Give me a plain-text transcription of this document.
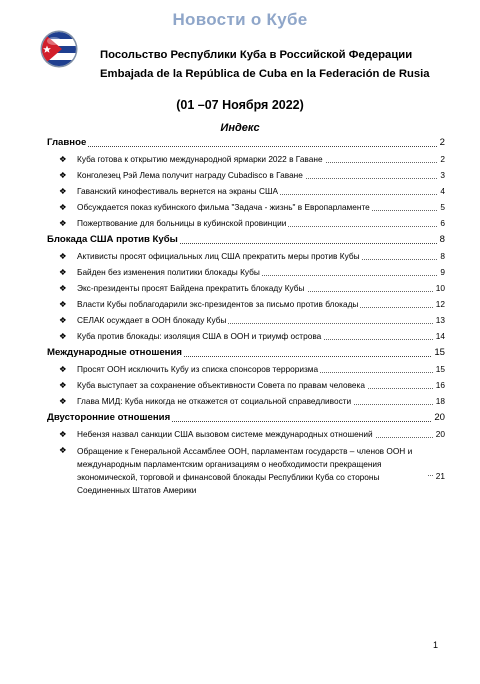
Новости о Кубе
Посольство Республики Куба в Российской Федерации
Embajada de la República de Cuba en la Federación de Rusia
(01 –07 Ноября 2022)
Индекс
Главное	2
❖ Куба готова к открытию международной ярмарки 2022 в Гаване	2
❖ Конголезец Рэй Лема получит награду Cubadisco в Гаване	3
❖ Гаванский кинофестиваль вернется на экраны США	4
❖ Обсуждается показ кубинского фильма "Задача - жизнь" в Европарламенте	5
❖ Пожертвование для больницы в кубинской провинции	6
Блокада США против Кубы	8
❖ Активисты просят официальных лиц США прекратить меры против Кубы	8
❖ Байден без изменения политики блокады Кубы	9
❖ Экс-президенты просят Байдена прекратить блокаду Кубы	10
❖ Власти Кубы поблагодарили экс-президентов за письмо против блокады	12
❖ СЕЛАК осуждает в ООН блокаду Кубы	13
❖ Куба против блокады: изоляция США в ООН и триумф острова	14
Международные отношения	15
❖ Просят ООН исключить Кубу из списка спонсоров терроризма	15
❖ Куба выступает за сохранение объективности Совета по правам человека	16
❖ Глава МИД: Куба никогда не откажется от социальной справедливости	18
Двусторонние отношения	20
❖ Небензя назвал санкции США вызовом системе международных отношений	20
❖ Обращение к Генеральной Ассамблее ООН, парламентам государств – членов ООН и международным парламентским организациям о необходимости прекращения экономической, торговой и финансовой блокады Республики Куба со стороны Соединенных Штатов Америки
21
1
